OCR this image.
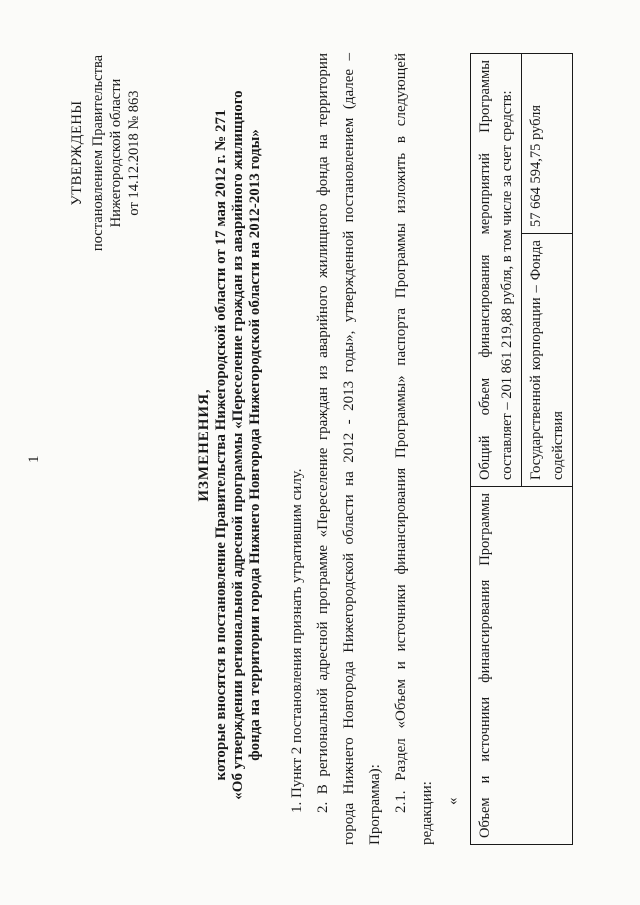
1
УТВЕРЖДЕНЫ постановлением Правительства Нижегородской области от 14.12.2018 № 863
ИЗМЕНЕНИЯ, которые вносятся в постановление Правительства Нижегородской области от 17 мая 2012 г. № 271 «Об утверждении региональной адресной программы «Переселение граждан из аварийного жилищного фонда на территории города Нижнего Новгорода Нижегородской области на 2012-2013 годы»	1. Пункт 2 постановления признать утратившим силу. 2. В региональной адресной программе «Переселение граждан из аварийного жилищного фонда на территории города Нижнего Новгорода Нижегородской области на 2012 - 2013 годы», утвержденной постановлением (далее – Программа): 2.1. Раздел «Объем и источники финансирования Программы» паспорта Программы изложить в следующей редакции: « Объем и источники финансирования Программы	Общий объем финансирования мероприятий Программы составляет – 201 861 219,88 рубля, в том числе за счет средств:	
	Государственной корпорации – Фонда содействия	57 664 594,75 рубля
